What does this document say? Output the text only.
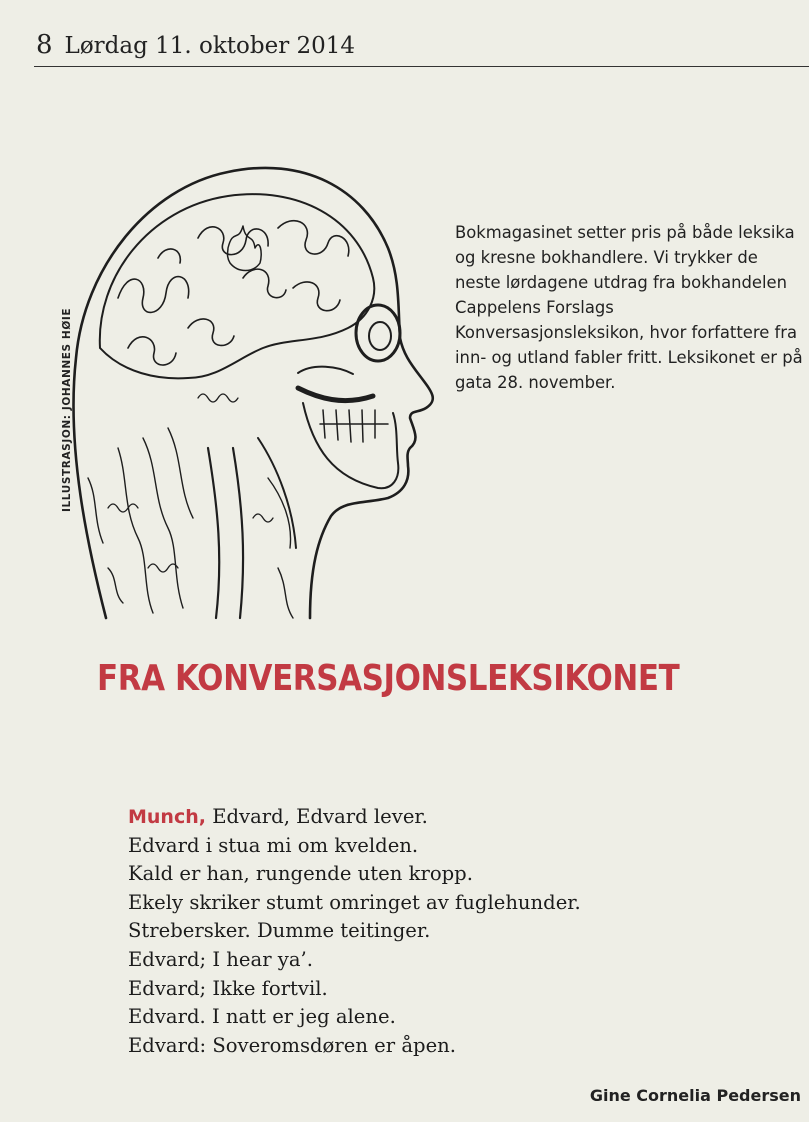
8 Lørdag 11. oktober 2014
ILLUSTRASJON: JOHANNES HØIE
Bokmagasinet setter pris på både leksika og kresne bokhandlere. Vi trykker de neste lørdagene utdrag fra bokhandelen Cappelens Forslags Konversasjonsleksikon, hvor forfattere fra inn- og utland fabler fritt. Leksikonet er på gata 28. november.
FRA KONVERSASJONSLEKSIKONET
Munch, Edvard, Edvard lever.
Edvard i stua mi om kvelden.
Kald er han, rungende uten kropp.
Ekely skriker stumt omringet av fuglehunder.
Strebersker. Dumme teitinger.
Edvard; I hear ya’.
Edvard; Ikke fortvil.
Edvard. I natt er jeg alene.
Edvard: Soveromsdøren er åpen.
Gine Cornelia Pedersen
